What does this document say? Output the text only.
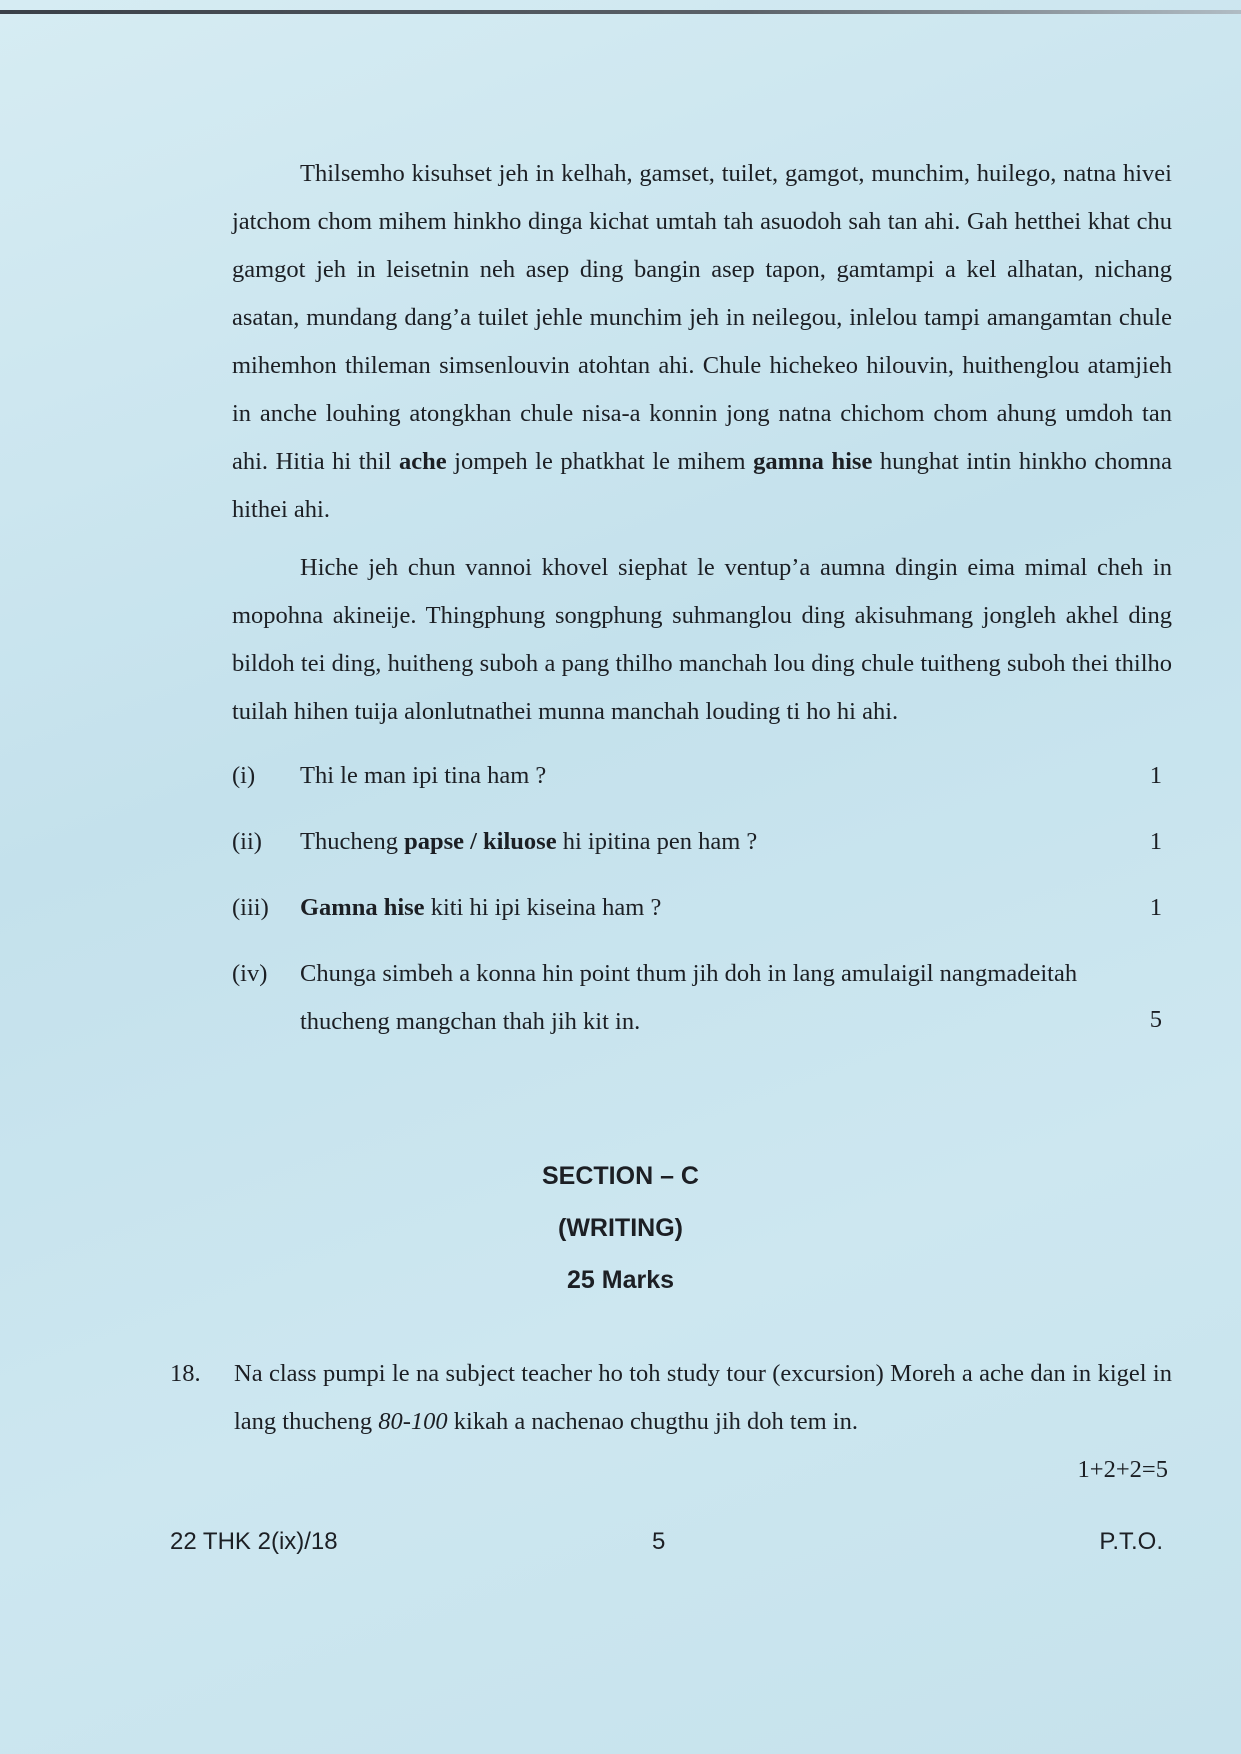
Thilsemho kisuhset jeh in kelhah, gamset, tuilet, gamgot, munchim, huilego, natna hivei jatchom chom mihem hinkho dinga kichat umtah tah asuodoh sah tan ahi. Gah hetthei khat chu gamgot jeh in leisetnin neh asep ding bangin asep tapon, gamtampi a kel alhatan, nichang asatan, mundang dang’a tuilet jehle munchim jeh in neilegou, inlelou tampi amangamtan chule mihemhon thileman simsenlouvin atohtan ahi. Chule hichekeo hilouvin, huithenglou atamjieh in anche louhing atongkhan chule nisa-a konnin jong natna chichom chom ahung umdoh tan ahi. Hitia hi thil ache jompeh le phatkhat le mihem gamna hise hunghat intin hinkho chomna hithei ahi.

Hiche jeh chun vannoi khovel siephat le ventup’a aumna dingin eima mimal cheh in mopohna akineije. Thingphung songphung suhmanglou ding akisuhmang jongleh akhel ding bildoh tei ding, huitheng suboh a pang thilho manchah lou ding chule tuitheng suboh thei thilho tuilah hihen tuija alonlutnathei munna manchah louding ti ho hi ahi.

(i) Thi le man ipi tina ham ?	1
(ii) Thucheng papse / kiluose hi ipitina pen ham ?	1
(iii) Gamna hise kiti hi ipi kiseina ham ?	1
(iv) Chunga simbeh a konna hin point thum jih doh in lang amulaigil nangmadeitah thucheng mangchan thah jih kit in.	5
SECTION – C
(WRITING)
25 Marks
18. Na class pumpi le na subject teacher ho toh study tour (excursion) Moreh a ache dan in kigel in lang thucheng 80-100 kikah a nachenao chugthu jih doh tem in.
1+2+2=5
22 THK 2(ix)/18	5	P.T.O.
